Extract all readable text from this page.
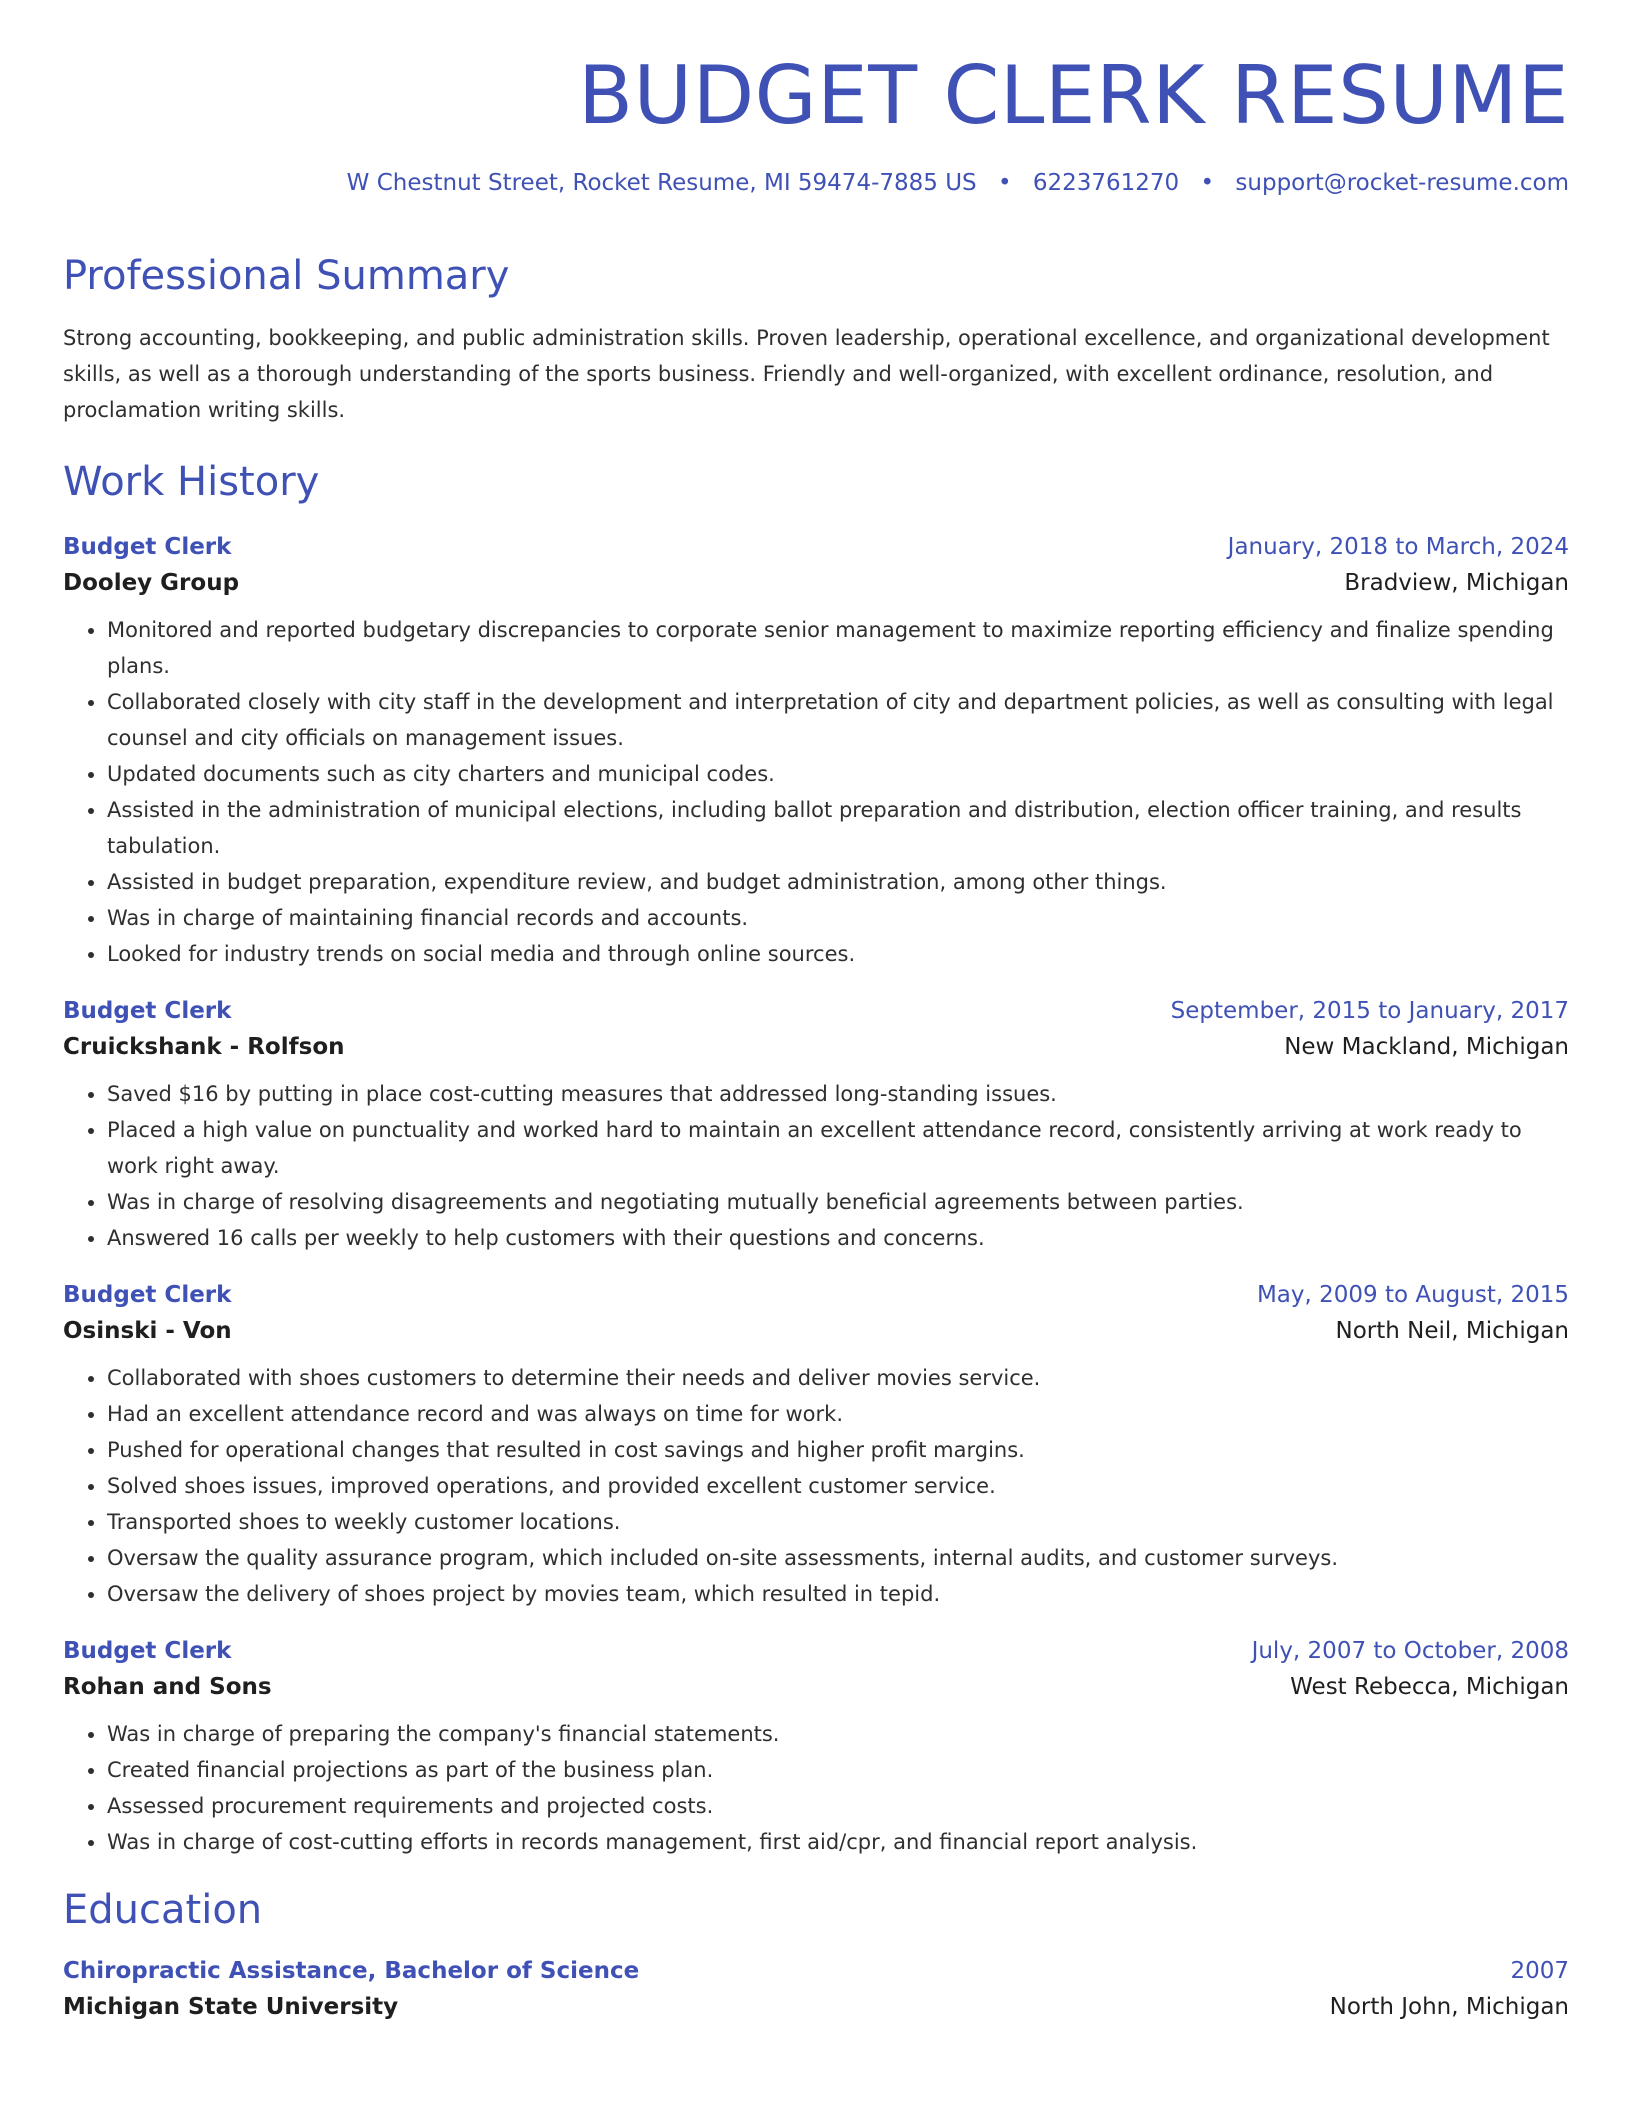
BUDGET CLERK RESUME
W Chestnut Street, Rocket Resume, MI 59474-7885 US • 6223761270 • support@rocket-resume.com
Professional Summary
Strong accounting, bookkeeping, and public administration skills. Proven leadership, operational excellence, and organizational development skills, as well as a thorough understanding of the sports business. Friendly and well-organized, with excellent ordinance, resolution, and proclamation writing skills.
Work History
Budget Clerk	January, 2018 to March, 2024
Dooley Group	Bradview, Michigan
• Monitored and reported budgetary discrepancies to corporate senior management to maximize reporting efficiency and finalize spending plans.
• Collaborated closely with city staff in the development and interpretation of city and department policies, as well as consulting with legal counsel and city officials on management issues.
• Updated documents such as city charters and municipal codes.
• Assisted in the administration of municipal elections, including ballot preparation and distribution, election officer training, and results tabulation.
• Assisted in budget preparation, expenditure review, and budget administration, among other things.
• Was in charge of maintaining financial records and accounts.
• Looked for industry trends on social media and through online sources.
Budget Clerk	September, 2015 to January, 2017
Cruickshank - Rolfson	New Mackland, Michigan
• Saved $16 by putting in place cost-cutting measures that addressed long-standing issues.
• Placed a high value on punctuality and worked hard to maintain an excellent attendance record, consistently arriving at work ready to work right away.
• Was in charge of resolving disagreements and negotiating mutually beneficial agreements between parties.
• Answered 16 calls per weekly to help customers with their questions and concerns.
Budget Clerk	May, 2009 to August, 2015
Osinski - Von	North Neil, Michigan
• Collaborated with shoes customers to determine their needs and deliver movies service.
• Had an excellent attendance record and was always on time for work.
• Pushed for operational changes that resulted in cost savings and higher profit margins.
• Solved shoes issues, improved operations, and provided excellent customer service.
• Transported shoes to weekly customer locations.
• Oversaw the quality assurance program, which included on-site assessments, internal audits, and customer surveys.
• Oversaw the delivery of shoes project by movies team, which resulted in tepid.
Budget Clerk	July, 2007 to October, 2008
Rohan and Sons	West Rebecca, Michigan
• Was in charge of preparing the company's financial statements.
• Created financial projections as part of the business plan.
• Assessed procurement requirements and projected costs.
• Was in charge of cost-cutting efforts in records management, first aid/cpr, and financial report analysis.
Education
Chiropractic Assistance, Bachelor of Science	2007
Michigan State University	North John, Michigan
